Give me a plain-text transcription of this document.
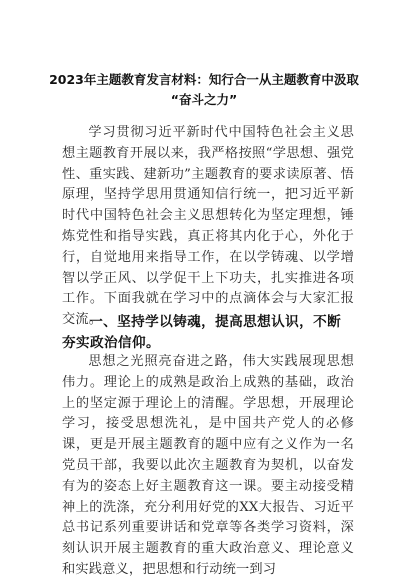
2023年主题教育发言材料：知行合一从主题教育中汲取
“奋斗之力”
学习贯彻习近平新时代中国特色社会主义思想主题教育开展以来，我严格按照“学思想、强党性、重实践、建新功”主题教育的要求读原著、悟原理，坚持学思用贯通知信行统一，把习近平新时代中国特色社会主义思想转化为坚定理想，锤炼党性和指导实践，真正将其内化于心，外化于行，自觉地用来指导工作，在以学铸魂、以学增智以学正风、以学促干上下功夫，扎实推进各项工作。下面我就在学习中的点滴体会与大家汇报交流。
一、坚持学以铸魂，提高思想认识，不断夯实政治信仰。
思想之光照亮奋进之路，伟大实践展现思想伟力。理论上的成熟是政治上成熟的基础，政治上的坚定源于理论上的清醒。学思想，开展理论学习，接受思想洗礼，是中国共产党人的必修课，更是开展主题教育的题中应有之义作为一名党员干部，我要以此次主题教育为契机，以奋发有为的姿态上好主题教育这一课。要主动接受精神上的洗涤，充分利用好党的XX大报告、习近平总书记系列重要讲话和党章等各类学习资料，深刻认识开展主题教育的重大政治意义、理论意义和实践意义，把思想和行动统一到习
